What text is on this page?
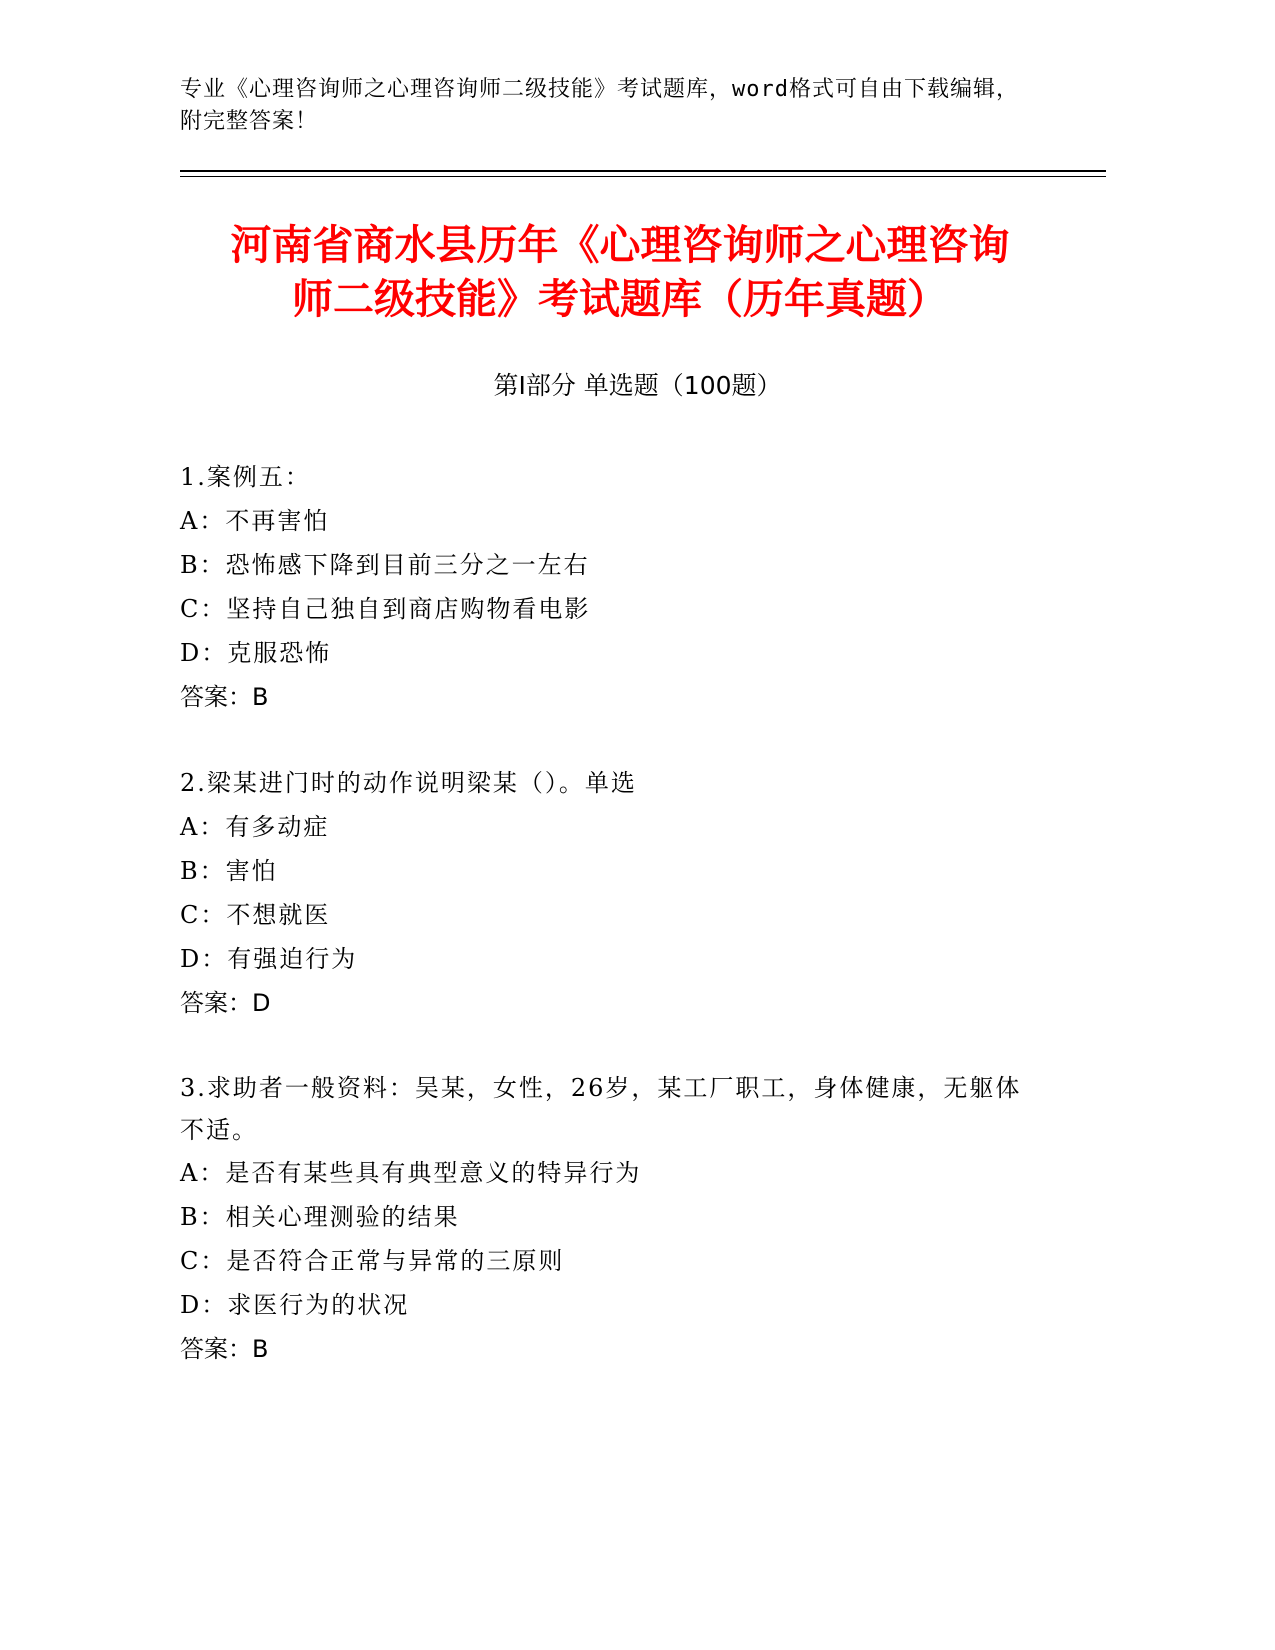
专业《心理咨询师之心理咨询师二级技能》考试题库，word格式可自由下载编辑，附完整答案！
河南省商水县历年《心理咨询师之心理咨询
师二级技能》考试题库（历年真题）
第Ⅰ部分 单选题（100题）
1.案例五：
A：不再害怕
B：恐怖感下降到目前三分之一左右
C：坚持自己独自到商店购物看电影
D：克服恐怖
答案：B
2.梁某进门时的动作说明梁某（）。单选
A：有多动症
B：害怕
C：不想就医
D：有强迫行为
答案：D
3.求助者一般资料：吴某，女性，26岁，某工厂职工，身体健康，无躯体不适。
A：是否有某些具有典型意义的特异行为
B：相关心理测验的结果
C：是否符合正常与异常的三原则
D：求医行为的状况
答案：B
